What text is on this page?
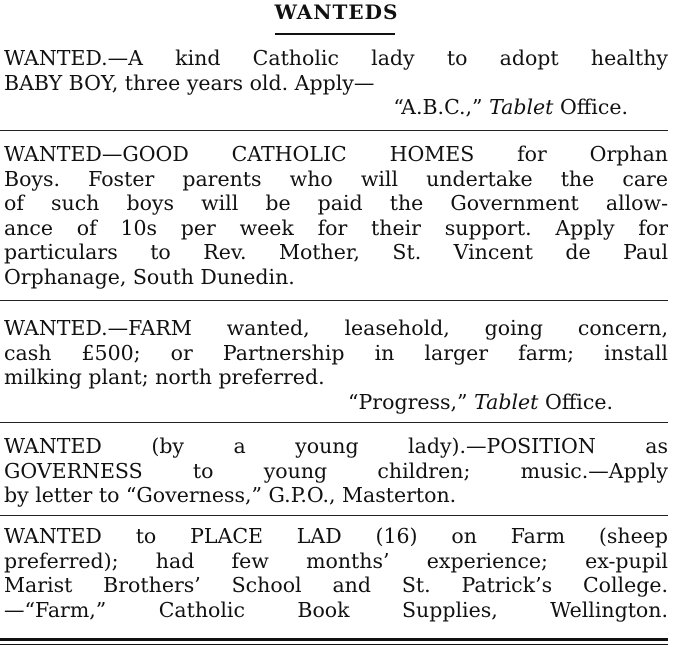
WANTEDS

WANTED.—A kind Catholic lady to adopt healthy
BABY BOY, three years old. Apply—

“A.B.C.,” Tablet Office.

WANTED—GOOD CATHOLIC HOMES for Orphan
Boys. Foster parents who will undertake the care
of such boys will be paid the Government allow-
ance of 10s per week for their support. Apply for
particulars to Rev. Mother, St. Vincent de Paul
Orphanage, South Dunedin.

WANTED.—FARM wanted, leasehold, going concern,
cash £500; or Partnership in larger farm; install
milking plant; north preferred.

“Progress,” Tablet Office.

WANTED (by a young lady).—POSITION as
GOVERNESS to young children; music.—Apply
by letter to “Governess,” G.P.O., Masterton.

WANTED to PLACE LAD (16) on Farm (sheep
preferred); had few months’ experience; ex-pupil
Marist Brothers’ School and St. Patrick’s College.
—“Farm,” Catholic Book Supplies, Wellington.
